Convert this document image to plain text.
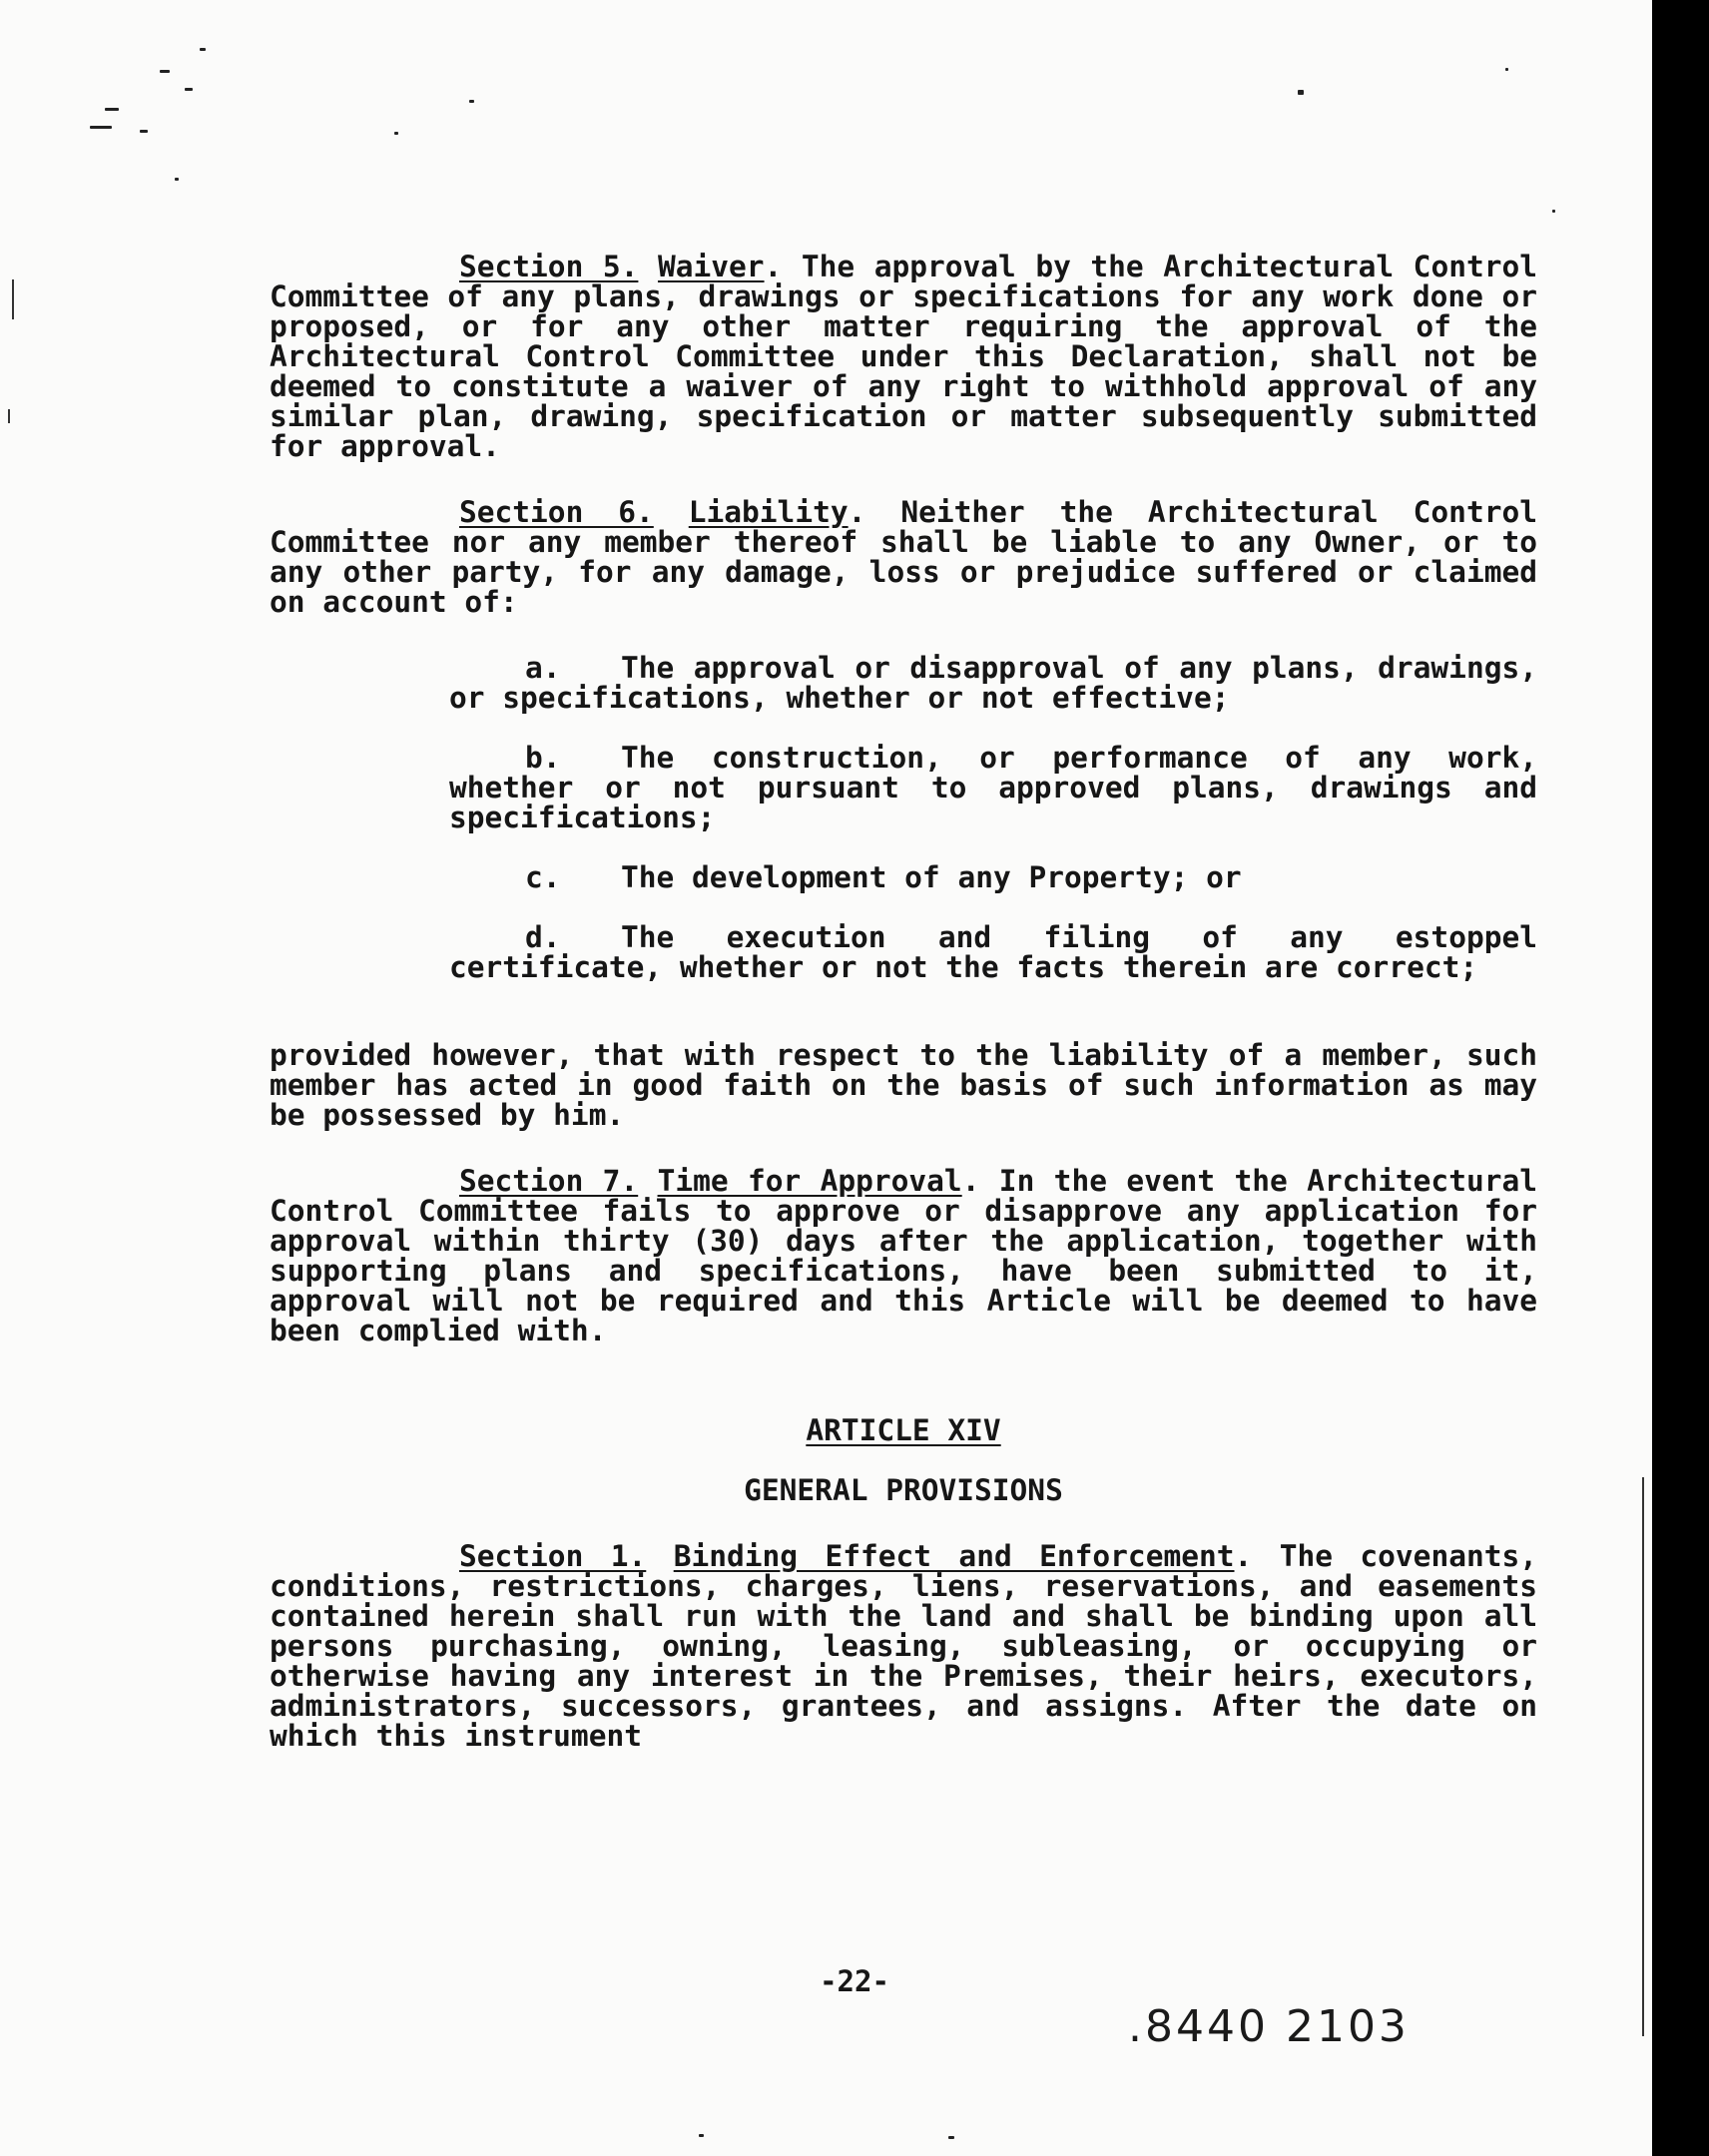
Section 5. Waiver. The approval by the Architectural Control Committee of any plans, drawings or specifications for any work done or proposed, or for any other matter requiring the approval of the Architectural Control Committee under this Declaration, shall not be deemed to constitute a waiver of any right to withhold approval of any similar plan, drawing, specification or matter subsequently submitted for approval.

Section 6. Liability. Neither the Architectural Control Committee nor any member thereof shall be liable to any Owner, or to any other party, for any damage, loss or prejudice suffered or claimed on account of:

a. The approval or disapproval of any plans, drawings, or specifications, whether or not effective;

b. The construction, or performance of any work, whether or not pursuant to approved plans, drawings and specifications;

c. The development of any Property; or

d. The execution and filing of any estoppel certificate, whether or not the facts therein are correct;

provided however, that with respect to the liability of a member, such member has acted in good faith on the basis of such information as may be possessed by him.

Section 7. Time for Approval. In the event the Architectural Control Committee fails to approve or disapprove any application for approval within thirty (30) days after the application, together with supporting plans and specifications, have been submitted to it, approval will not be required and this Article will be deemed to have been complied with.

ARTICLE XIV

GENERAL PROVISIONS

Section 1. Binding Effect and Enforcement. The covenants, conditions, restrictions, charges, liens, reservations, and easements contained herein shall run with the land and shall be binding upon all persons purchasing, owning, leasing, subleasing, or occupying or otherwise having any interest in the Premises, their heirs, executors, administrators, successors, grantees, and assigns. After the date on which this instrument

-22-
.8440 2103
